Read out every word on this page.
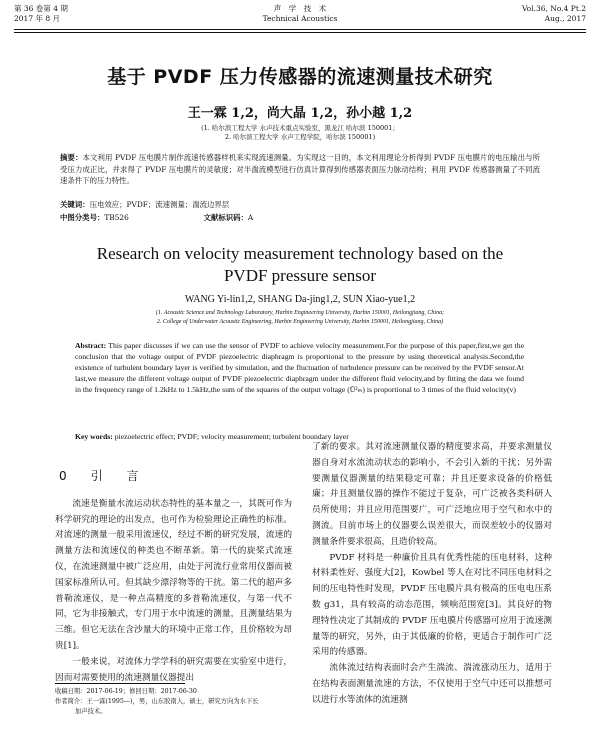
第 36 卷第 4 期
2017 年 8 月
声　学　技　术
Technical Acoustics
Vol.36, No.4 Pt.2
Aug., 2017
基于 PVDF 压力传感器的流速测量技术研究
王一霖 1,2，尚大晶 1,2，孙小越 1,2
(1. 哈尔滨工程大学 水声技术重点实验室，黑龙江 哈尔滨 150001；
2. 哈尔滨工程大学 水声工程学院，哈尔滨 150001)
摘要：本文利用 PVDF 压电膜片制作流速传感器样机来实现流速测量。为实现这一目的，本文利用理论分析得到 PVDF 压电膜片的电压输出与所受压力成正比，并求得了 PVDF 压电膜片的灵敏度；对半湍流模型进行仿真计算得到传感器表面压力脉动结构；利用 PVDF 传感器测量了不同流速条件下的压力特性。
关键词：压电效应；PVDF；流速测量；湍流边界层
中图分类号：TB526	文献标识码：A
Research on velocity measurement technology based on the
PVDF pressure sensor
WANG Yi-lin1,2, SHANG Da-jing1,2, SUN Xiao-yue1,2
(1. Acoustic Science and Technology Laboratory, Harbin Engineering University, Harbin 150001, Heilongjiang, China;
2. College of Underwater Acoustic Engineering, Harbin Engineering University, Harbin 150001, Heilongjiang, China)
Abstract: This paper discusses if we can use the sensor of PVDF to achieve velocity measurement.For the purpose of this paper,first,we get the conclusion that the voltage output of PVDF piezoelectric diaphragm is proportional to the pressure by using theoretical analysis.Second,the existence of turbulent boundary layer is verified by simulation, and the fluctuation of turbulence pressure can be received by the PVDF sensor.At last,we measure the different voltage output of PVDF piezoelectric diaphragm under the different fluid velocity,and by fitting the data we found in the frequency range of 1.2kHz to 1.5kHz,the sum of the squares of the output voltage (Ū²ₘ) is proportional to 3 times of the fluid velocity(v)
Key words: piezoelectric effect; PVDF; velocity measurement; turbulent boundary layer
0　引　言

流速是衡量水流运动状态特性的基本量之一，其既可作为科学研究的理论的出发点，也可作为检验理论正确性的标准。对流速的测量一般采用流速仪，经过不断的研究发展，流速的测量方法和流速仪的种类也不断革新。第一代的旋桨式流速仪，在流速测量中被广泛应用，由处于河流行业常用仪器而被国家标准所认可。但其缺少漂浮物等的干扰。第二代的超声多普勒流速仪，是一种点高精度的多普勒流速仪，与第一代不同，它为非接触式，专门用于水中流速的测量，且测量结果为三维。但它无法在含沙量大的环境中正常工作，且价格较为昂贵[1]。

一般来说，对流体力学学科的研究需要在实验室中进行，因而对需要使用的流速测量仪器提出

了新的要求。其对流速测量仪器的精度要求高，并要求测量仪器自身对水流流动状态的影响小，不会引入新的干扰；另外需要测量仪器测量的结果稳定可靠；并且还要求设备的价格低廉；并且测量仪器的操作不能过于复杂，可广泛被各类科研人员所使用；并且应用范围要广，可广泛地应用于空气和水中的测流。目前市场上的仪器要么误差很大，而误差较小的仪器对测量条件要求很高，且造价较高。

PVDF 材料是一种廉价且具有优秀性能的压电材料，这种材料柔性好、强度大[2]，Kowbel 等人在对比不同压电材料之间的压电特性时发现，PVDF 压电膜片具有极高的压电电压系数 g31，具有较高的动态范围，频响范围宽[3]。其良好的物理特性决定了其制成的 PVDF 压电膜片传感器可应用于流速测量等的研究，另外，由于其低廉的价格，更适合于制作可广泛采用的传感器。

流体流过结构表面时会产生湍流、湍流涨动压力，适用于在结构表面测量流速的方法，不仅使用于空气中还可以推想可以进行水等流体的流速测

收稿日期：2017-06-19；修回日期：2017-06-30
作者简介：王一霖(1995—)，男，山东胶南人，硕士，研究方向为水下长
加声技术。
